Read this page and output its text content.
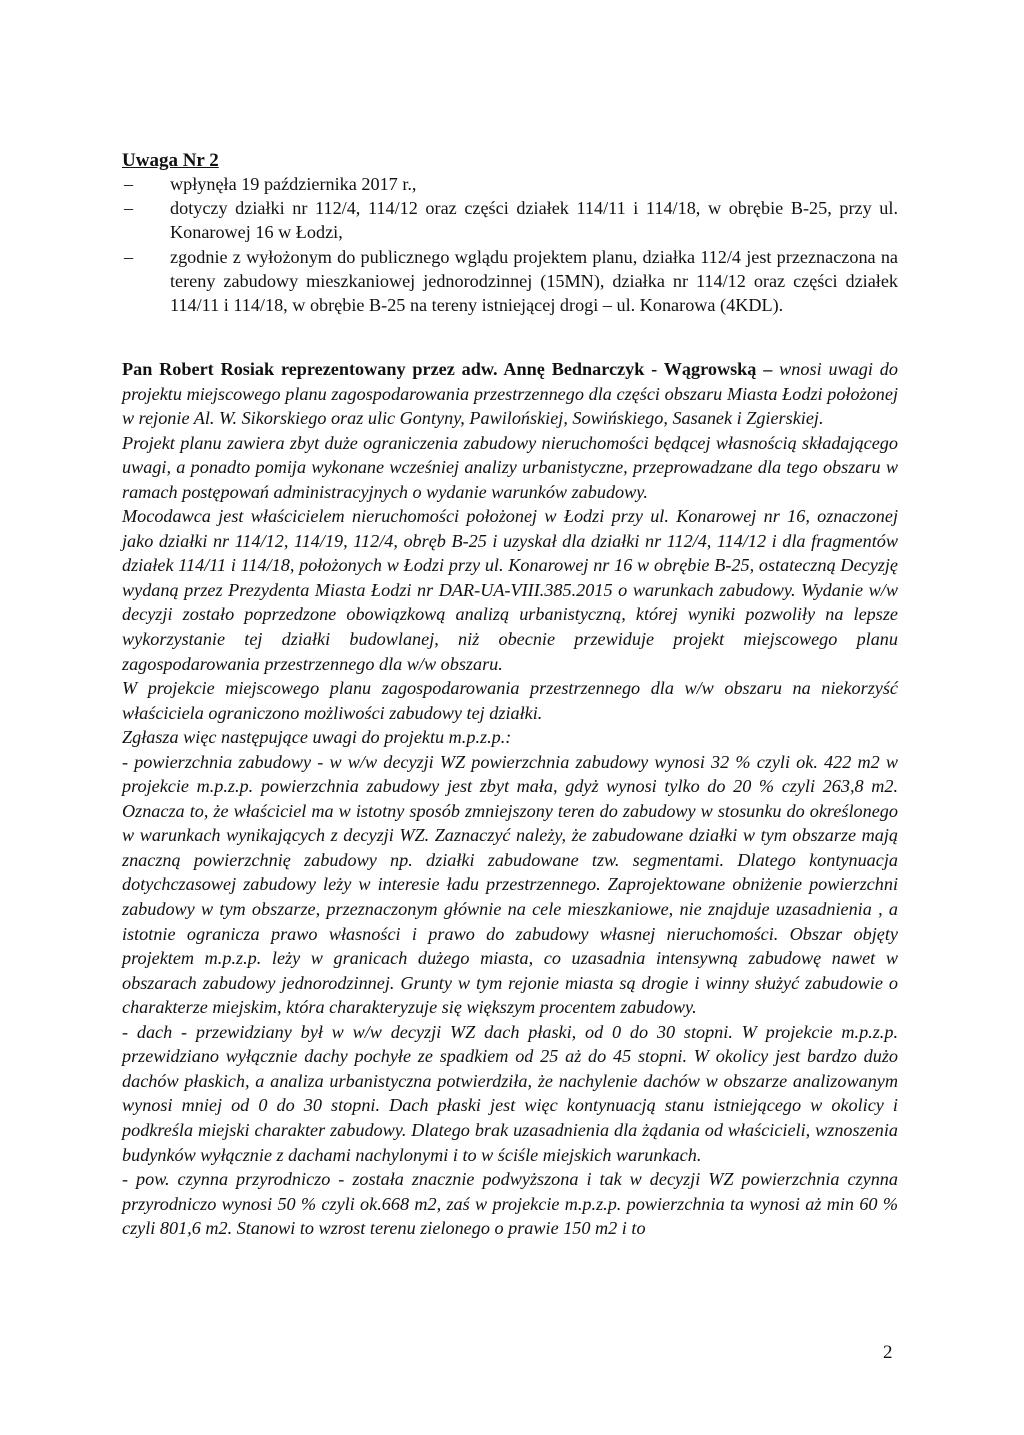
Uwaga Nr 2
– wpłynęła 19 października 2017 r.,
– dotyczy działki nr 112/4, 114/12 oraz części działek 114/11 i 114/18, w obrębie B-25, przy ul. Konarowej 16 w Łodzi,
– zgodnie z wyłożonym do publicznego wglądu projektem planu, działka 112/4 jest przeznaczona na tereny zabudowy mieszkaniowej jednorodzinnej (15MN), działka nr 114/12 oraz części działek 114/11 i 114/18, w obrębie B-25 na tereny istniejącej drogi – ul. Konarowa (4KDL).

Pan Robert Rosiak reprezentowany przez adw. Annę Bednarczyk - Wągrowską – wnosi uwagi do projektu miejscowego planu zagospodarowania przestrzennego dla części obszaru Miasta Łodzi położonej w rejonie Al. W. Sikorskiego oraz ulic Gontyny, Pawilońskiej, Sowińskiego, Sasanek i Zgierskiej.

Projekt planu zawiera zbyt duże ograniczenia zabudowy nieruchomości będącej własnością składającego uwagi, a ponadto pomija wykonane wcześniej analizy urbanistyczne, przeprowadzane dla tego obszaru w ramach postępowań administracyjnych o wydanie warunków zabudowy.

Mocodawca jest właścicielem nieruchomości położonej w Łodzi przy ul. Konarowej nr 16, oznaczonej jako działki nr 114/12, 114/19, 112/4, obręb B-25 i uzyskał dla działki nr 112/4, 114/12 i dla fragmentów działek 114/11 i 114/18, położonych w Łodzi przy ul. Konarowej nr 16 w obrębie B-25, ostateczną Decyzję wydaną przez Prezydenta Miasta Łodzi nr DAR-UA-VIII.385.2015 o warunkach zabudowy. Wydanie w/w decyzji zostało poprzedzone obowiązkową analizą urbanistyczną, której wyniki pozwoliły na lepsze wykorzystanie tej działki budowlanej, niż obecnie przewiduje projekt miejscowego planu zagospodarowania przestrzennego dla w/w obszaru.

W projekcie miejscowego planu zagospodarowania przestrzennego dla w/w obszaru na niekorzyść właściciela ograniczono możliwości zabudowy tej działki.

Zgłasza więc następujące uwagi do projektu m.p.z.p.:

- powierzchnia zabudowy - w w/w decyzji WZ powierzchnia zabudowy wynosi 32 % czyli ok. 422 m2 w projekcie m.p.z.p. powierzchnia zabudowy jest zbyt mała, gdyż wynosi tylko do 20 % czyli 263,8 m2. Oznacza to, że właściciel ma w istotny sposób zmniejszony teren do zabudowy w stosunku do określonego w warunkach wynikających z decyzji WZ. Zaznaczyć należy, że zabudowane działki w tym obszarze mają znaczną powierzchnię zabudowy np. działki zabudowane tzw. segmentami. Dlatego kontynuacja dotychczasowej zabudowy leży w interesie ładu przestrzennego. Zaprojektowane obniżenie powierzchni zabudowy w tym obszarze, przeznaczonym głównie na cele mieszkaniowe, nie znajduje uzasadnienia , a istotnie ogranicza prawo własności i prawo do zabudowy własnej nieruchomości. Obszar objęty projektem m.p.z.p. leży w granicach dużego miasta, co uzasadnia intensywną zabudowę nawet w obszarach zabudowy jednorodzinnej. Grunty w tym rejonie miasta są drogie i winny służyć zabudowie o charakterze miejskim, która charakteryzuje się większym procentem zabudowy.

- dach - przewidziany był w w/w decyzji WZ dach płaski, od 0 do 30 stopni. W projekcie m.p.z.p. przewidziano wyłącznie dachy pochyłe ze spadkiem od 25 aż do 45 stopni. W okolicy jest bardzo dużo dachów płaskich, a analiza urbanistyczna potwierdziła, że nachylenie dachów w obszarze analizowanym wynosi mniej od 0 do 30 stopni. Dach płaski jest więc kontynuacją stanu istniejącego w okolicy i podkreśla miejski charakter zabudowy. Dlatego brak uzasadnienia dla żądania od właścicieli, wznoszenia budynków wyłącznie z dachami nachylonymi i to w ściśle miejskich warunkach.

- pow. czynna przyrodniczo - została znacznie podwyższona i tak w decyzji WZ powierzchnia czynna przyrodniczo wynosi 50 % czyli ok.668 m2, zaś w projekcie m.p.z.p. powierzchnia ta wynosi aż min 60 % czyli 801,6 m2. Stanowi to wzrost terenu zielonego o prawie 150 m2 i to

2
